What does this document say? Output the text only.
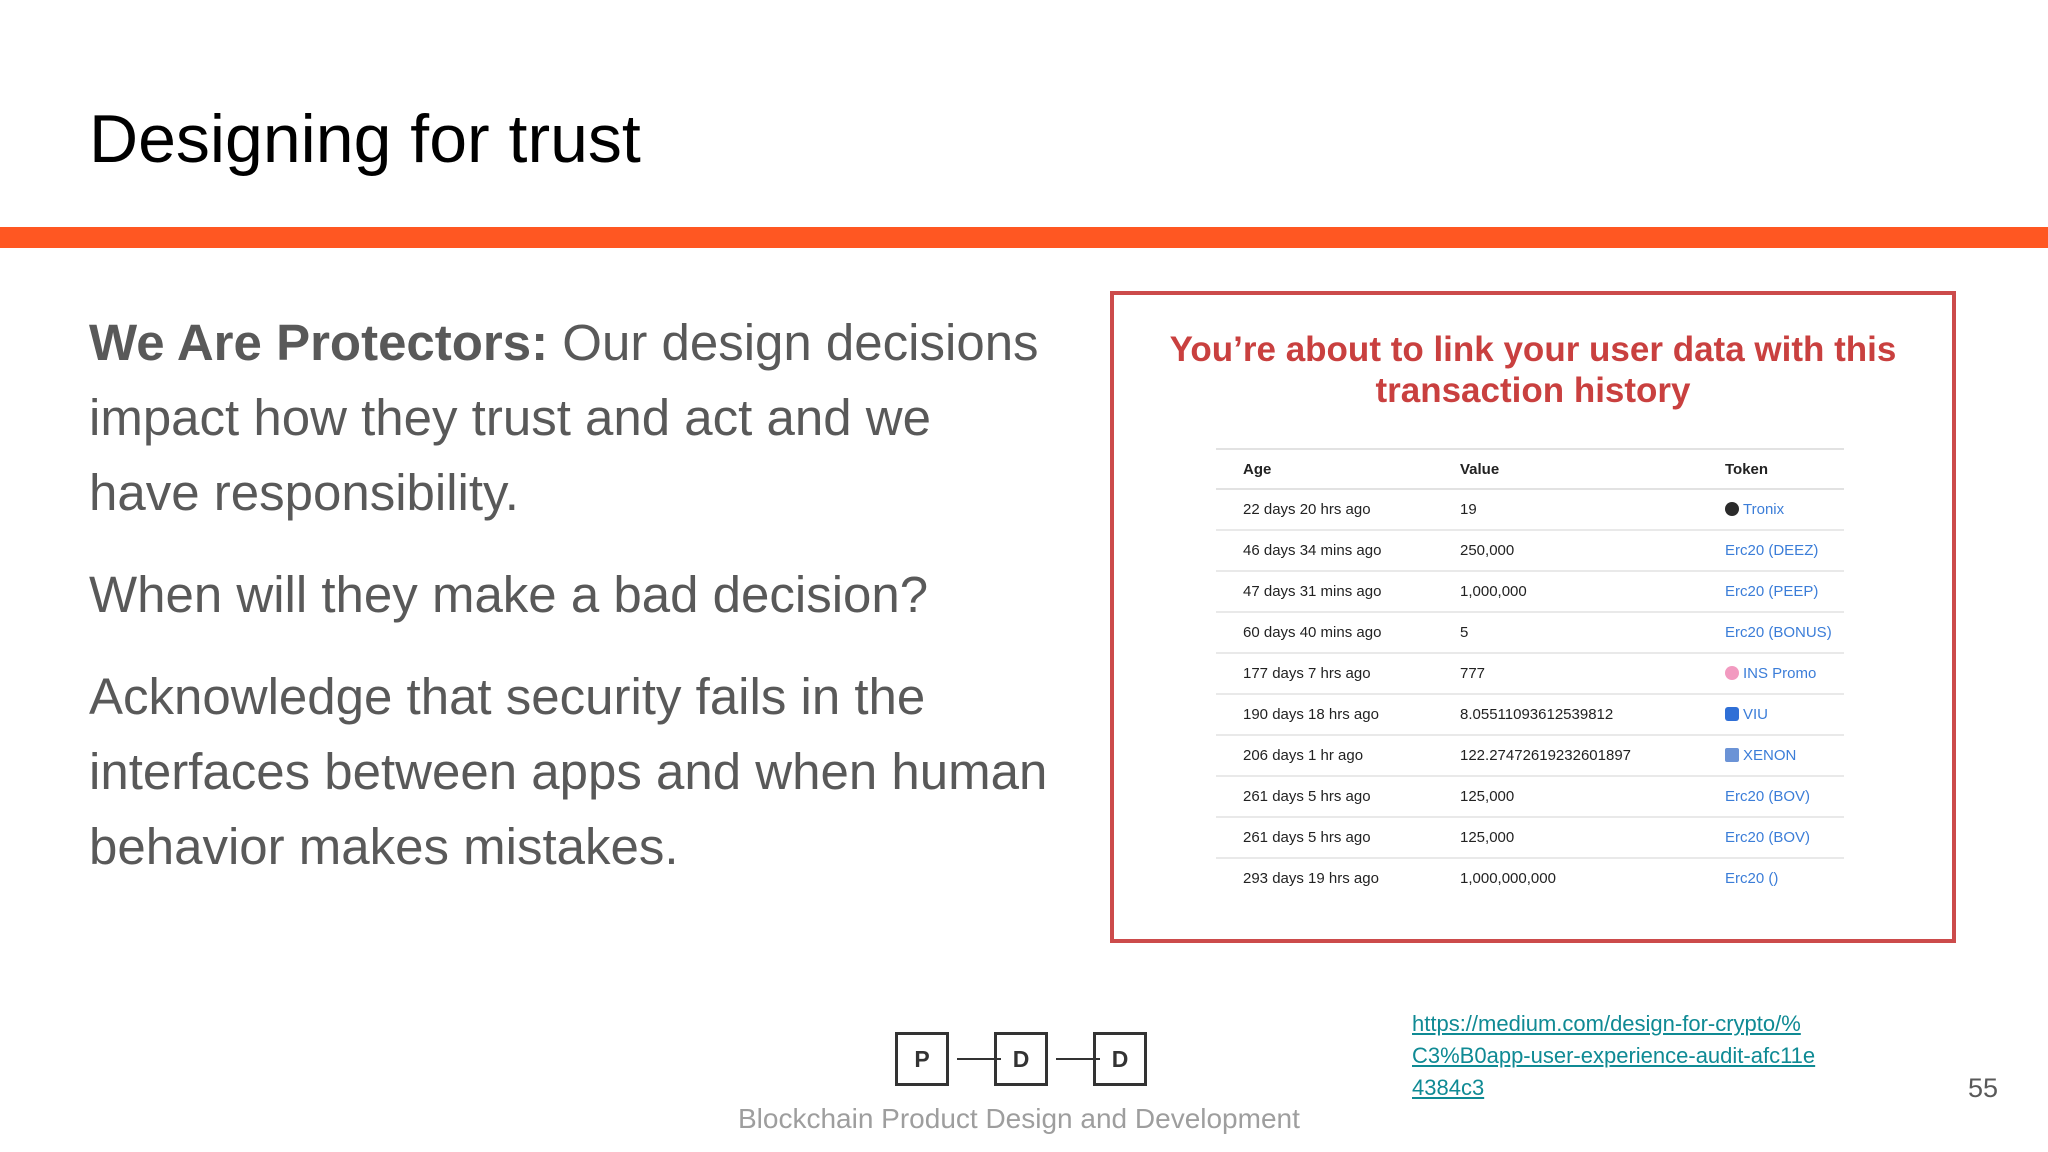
Designing for trust

We Are Protectors: Our design decisions impact how they trust and act and we have responsibility.

When will they make a bad decision?

Acknowledge that security fails in the interfaces between apps and when human behavior makes mistakes.

You’re about to link your user data with this transaction history
Age	Value	Token
22 days 20 hrs ago	19	Tronix
46 days 34 mins ago	250,000	Erc20 (DEEZ)
47 days 31 mins ago	1,000,000	Erc20 (PEEP)
60 days 40 mins ago	5	Erc20 (BONUS)
177 days 7 hrs ago	777	INS Promo
190 days 18 hrs ago	8.05511093612539812	VIU
206 days 1 hr ago	122.27472619232601897	XENON
261 days 5 hrs ago	125,000	Erc20 (BOV)
261 days 5 hrs ago	125,000	Erc20 (BOV)
293 days 19 hrs ago	1,000,000,000	Erc20 ()
P	D	D
Blockchain Product Design and Development
https://medium.com/design-for-crypto/%
C3%B0app-user-experience-audit-afc11e
4384c3	55
